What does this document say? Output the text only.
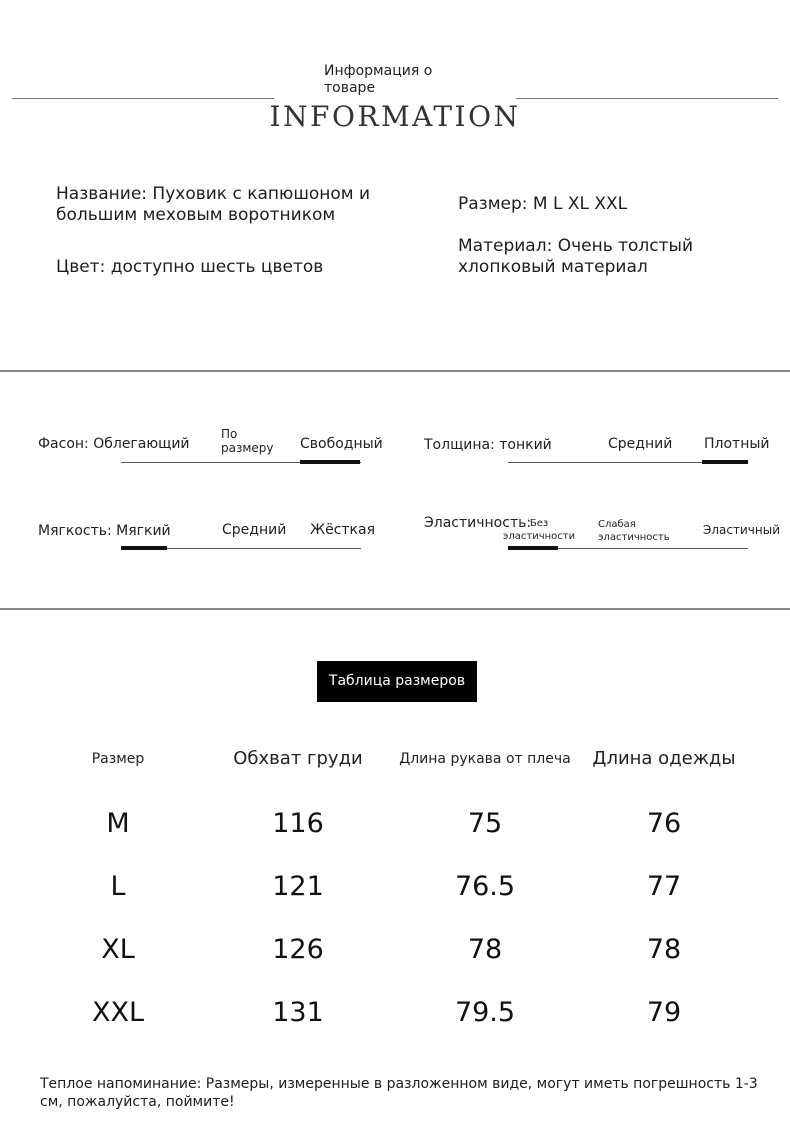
Информация о товаре
INFORMATION
Название: Пуховик с капюшоном и большим меховым воротником
Цвет: доступно шесть цветов
Размер: M L XL XXL
Материал: Очень толстый хлопковый материал
Фасон: Облегающий
По размеру	Свободный	Толщина: тонкий	Средний Плотный
Мягкость: Мягкий	Средний Жёсткая	Эластичность:
Без эластичности
Слабая эластичность
Эластичный
Таблица размеров
Размер	Обхват груди	Длина рукава от плеча	Длина одежды
M	116	75	76
L	121	76.5	77
XL	126	78	78
XXL	131	79.5	79
Теплое напоминание: Размеры, измеренные в разложенном виде, могут иметь погрешность 1-3 см, пожалуйста, поймите!
